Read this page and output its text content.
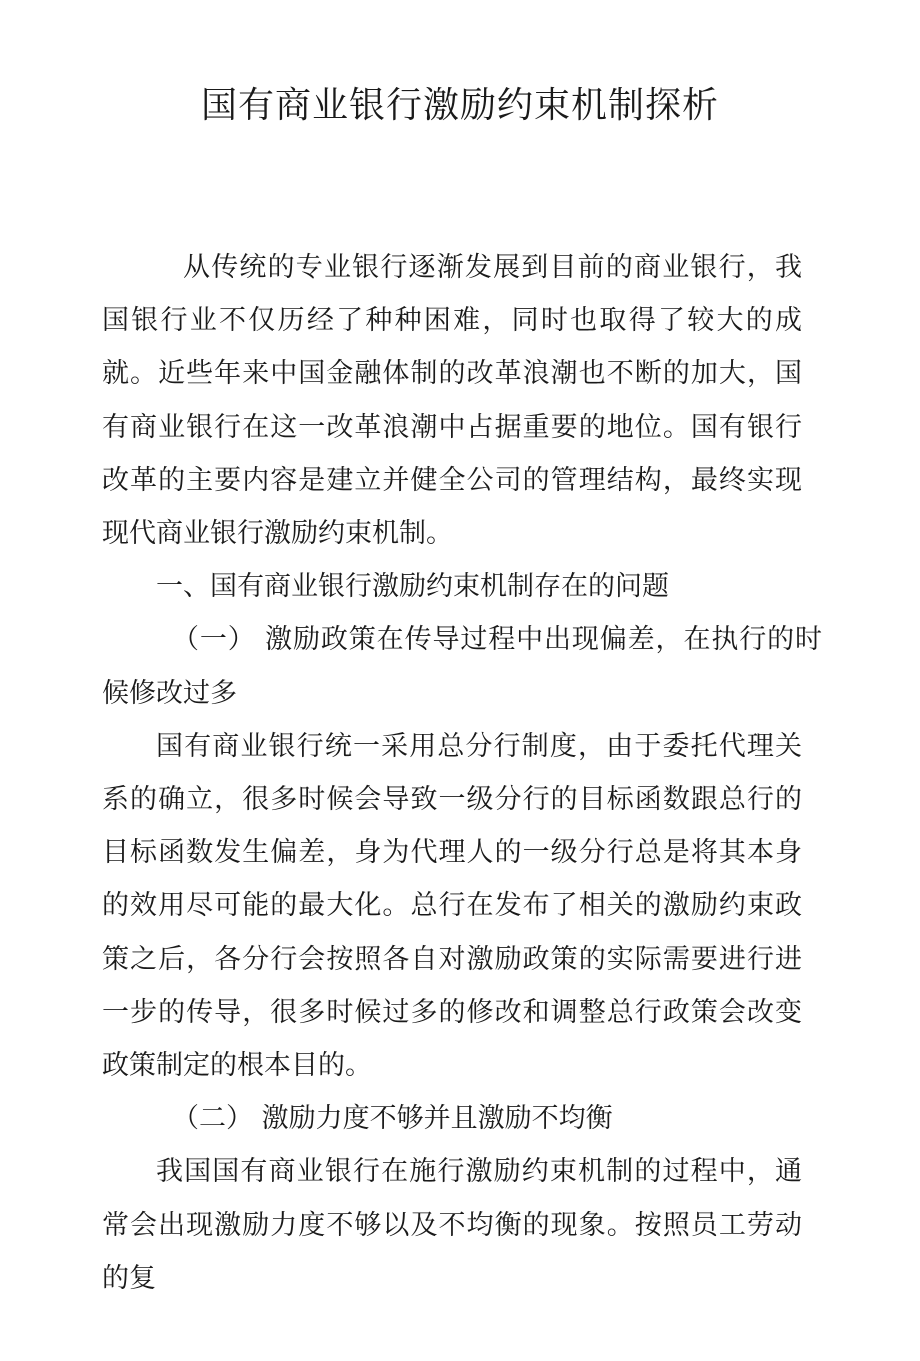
国有商业银行激励约束机制探析

从传统的专业银行逐渐发展到目前的商业银行，我国银行业不仅历经了种种困难，同时也取得了较大的成就。近些年来中国金融体制的改革浪潮也不断的加大，国有商业银行在这一改革浪潮中占据重要的地位。国有银行改革的主要内容是建立并健全公司的管理结构，最终实现现代商业银行激励约束机制。

一、国有商业银行激励约束机制存在的问题

（一） 激励政策在传导过程中出现偏差，在执行的时候修改过多

国有商业银行统一采用总分行制度，由于委托代理关系的确立，很多时候会导致一级分行的目标函数跟总行的目标函数发生偏差，身为代理人的一级分行总是将其本身的效用尽可能的最大化。总行在发布了相关的激励约束政策之后，各分行会按照各自对激励政策的实际需要进行进一步的传导，很多时候过多的修改和调整总行政策会改变政策制定的根本目的。

（二） 激励力度不够并且激励不均衡

我国国有商业银行在施行激励约束机制的过程中，通常会出现激励力度不够以及不均衡的现象。按照员工劳动的复
